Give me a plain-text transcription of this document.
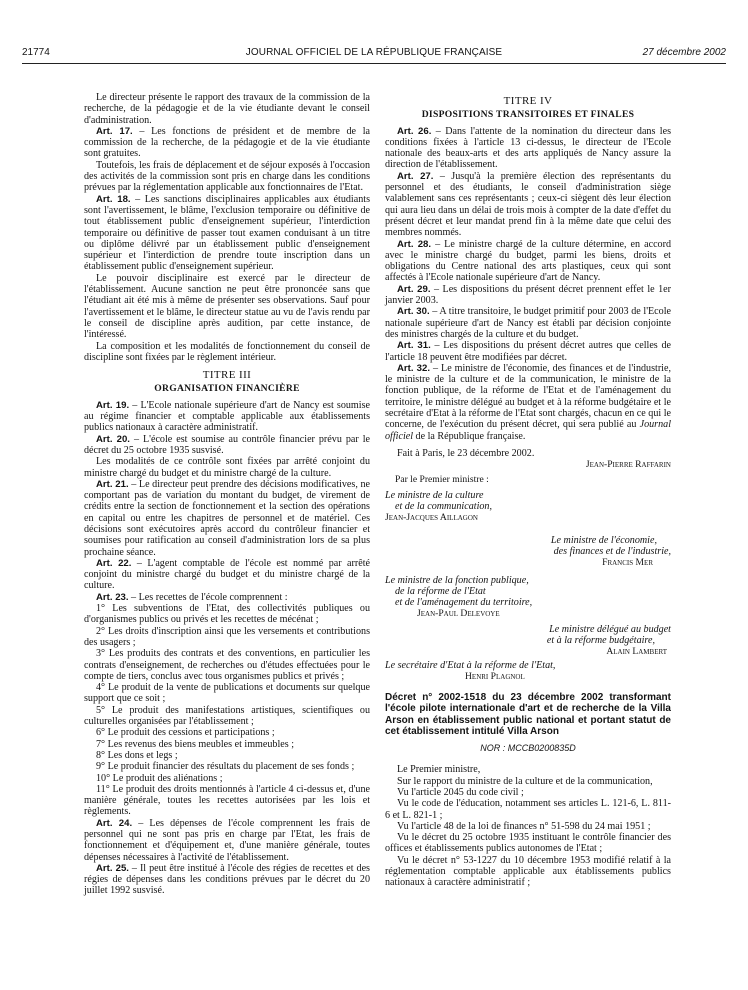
21774	JOURNAL OFFICIEL DE LA RÉPUBLIQUE FRANÇAISE	27 décembre 2002

Le directeur présente le rapport des travaux de la commission de la recherche, de la pédagogie et de la vie étudiante devant le conseil d'administration.

Art. 17. – Les fonctions de président et de membre de la commission de la recherche, de la pédagogie et de la vie étudiante sont gratuites.

Toutefois, les frais de déplacement et de séjour exposés à l'occasion des activités de la commission sont pris en charge dans les conditions prévues par la réglementation applicable aux fonctionnaires de l'Etat.

Art. 18. – Les sanctions disciplinaires applicables aux étudiants sont l'avertissement, le blâme, l'exclusion temporaire ou définitive de tout établissement public d'enseignement supérieur, l'interdiction temporaire ou définitive de passer tout examen conduisant à un titre ou diplôme délivré par un établissement public d'enseignement supérieur et l'interdiction de prendre toute inscription dans un établissement public d'enseignement supérieur.

Le pouvoir disciplinaire est exercé par le directeur de l'établissement. Aucune sanction ne peut être prononcée sans que l'étudiant ait été mis à même de présenter ses observations. Sauf pour l'avertissement et le blâme, le directeur statue au vu de l'avis rendu par le conseil de discipline après audition, par cette instance, de l'intéressé.

La composition et les modalités de fonctionnement du conseil de discipline sont fixées par le règlement intérieur.

TITRE III
ORGANISATION FINANCIÈRE

Art. 19. – L'Ecole nationale supérieure d'art de Nancy est soumise au régime financier et comptable applicable aux établissements publics nationaux à caractère administratif.

Art. 20. – L'école est soumise au contrôle financier prévu par le décret du 25 octobre 1935 susvisé.

Les modalités de ce contrôle sont fixées par arrêté conjoint du ministre chargé du budget et du ministre chargé de la culture.

Art. 21. – Le directeur peut prendre des décisions modificatives, ne comportant pas de variation du montant du budget, de virement de crédits entre la section de fonctionnement et la section des opérations en capital ou entre les chapitres de personnel et de matériel. Ces décisions sont exécutoires après accord du contrôleur financier et soumises pour ratification au conseil d'administration lors de sa plus prochaine séance.

Art. 22. – L'agent comptable de l'école est nommé par arrêté conjoint du ministre chargé du budget et du ministre chargé de la culture.

Art. 23. – Les recettes de l'école comprennent :

1° Les subventions de l'Etat, des collectivités publiques ou d'organismes publics ou privés et les recettes de mécénat ;

2° Les droits d'inscription ainsi que les versements et contributions des usagers ;

3° Les produits des contrats et des conventions, en particulier les contrats d'enseignement, de recherches ou d'études effectuées pour le compte de tiers, conclus avec tous organismes publics et privés ;

4° Le produit de la vente de publications et documents sur quelque support que ce soit ;

5° Le produit des manifestations artistiques, scientifiques ou culturelles organisées par l'établissement ;

6° Le produit des cessions et participations ;

7° Les revenus des biens meubles et immeubles ;

8° Les dons et legs ;

9° Le produit financier des résultats du placement de ses fonds ;

10° Le produit des aliénations ;

11° Le produit des droits mentionnés à l'article 4 ci-dessus et, d'une manière générale, toutes les recettes autorisées par les lois et règlements.

Art. 24. – Les dépenses de l'école comprennent les frais de personnel qui ne sont pas pris en charge par l'Etat, les frais de fonctionnement et d'équipement et, d'une manière générale, toutes dépenses nécessaires à l'activité de l'établissement.

Art. 25. – Il peut être institué à l'école des régies de recettes et des régies de dépenses dans les conditions prévues par le décret du 20 juillet 1992 susvisé.

TITRE IV
DISPOSITIONS TRANSITOIRES ET FINALES

Art. 26. – Dans l'attente de la nomination du directeur dans les conditions fixées à l'article 13 ci-dessus, le directeur de l'Ecole nationale des beaux-arts et des arts appliqués de Nancy assure la direction de l'établissement.

Art. 27. – Jusqu'à la première élection des représentants du personnel et des étudiants, le conseil d'administration siège valablement sans ces représentants ; ceux-ci siègent dès leur élection qui aura lieu dans un délai de trois mois à compter de la date d'effet du présent décret et leur mandat prend fin à la même date que celui des membres nommés.

Art. 28. – Le ministre chargé de la culture détermine, en accord avec le ministre chargé du budget, parmi les biens, droits et obligations du Centre national des arts plastiques, ceux qui sont affectés à l'Ecole nationale supérieure d'art de Nancy.

Art. 29. – Les dispositions du présent décret prennent effet le 1er janvier 2003.

Art. 30. – A titre transitoire, le budget primitif pour 2003 de l'Ecole nationale supérieure d'art de Nancy est établi par décision conjointe des ministres chargés de la culture et du budget.

Art. 31. – Les dispositions du présent décret autres que celles de l'article 18 peuvent être modifiées par décret.

Art. 32. – Le ministre de l'économie, des finances et de l'industrie, le ministre de la culture et de la communication, le ministre de la fonction publique, de la réforme de l'Etat et de l'aménagement du territoire, le ministre délégué au budget et à la réforme budgétaire et le secrétaire d'Etat à la réforme de l'Etat sont chargés, chacun en ce qui le concerne, de l'exécution du présent décret, qui sera publié au Journal officiel de la République française.

Fait à Paris, le 23 décembre 2002.

Jean-Pierre Raffarin
Par le Premier ministre :
Le ministre de la culture
et de la communication,
Jean-Jacques Aillagon
Le ministre de l'économie,
des finances et de l'industrie,
Francis Mer
Le ministre de la fonction publique,
de la réforme de l'Etat
et de l'aménagement du territoire,
Jean-Paul Delevoye
Le ministre délégué au budget
et à la réforme budgétaire,
Alain Lambert
Le secrétaire d'Etat à la réforme de l'Etat,
Henri Plagnol
Décret n° 2002-1518 du 23 décembre 2002 transformant l'école pilote internationale d'art et de recherche de la Villa Arson en établissement public national et portant statut de cet établissement intitulé Villa Arson
NOR : MCCB0200835D

Le Premier ministre,

Sur le rapport du ministre de la culture et de la communication,

Vu l'article 2045 du code civil ;

Vu le code de l'éducation, notamment ses articles L. 121-6, L. 811-6 et L. 821-1 ;

Vu l'article 48 de la loi de finances n° 51-598 du 24 mai 1951 ;

Vu le décret du 25 octobre 1935 instituant le contrôle financier des offices et établissements publics autonomes de l'Etat ;

Vu le décret n° 53-1227 du 10 décembre 1953 modifié relatif à la réglementation comptable applicable aux établissements publics nationaux à caractère administratif ;
